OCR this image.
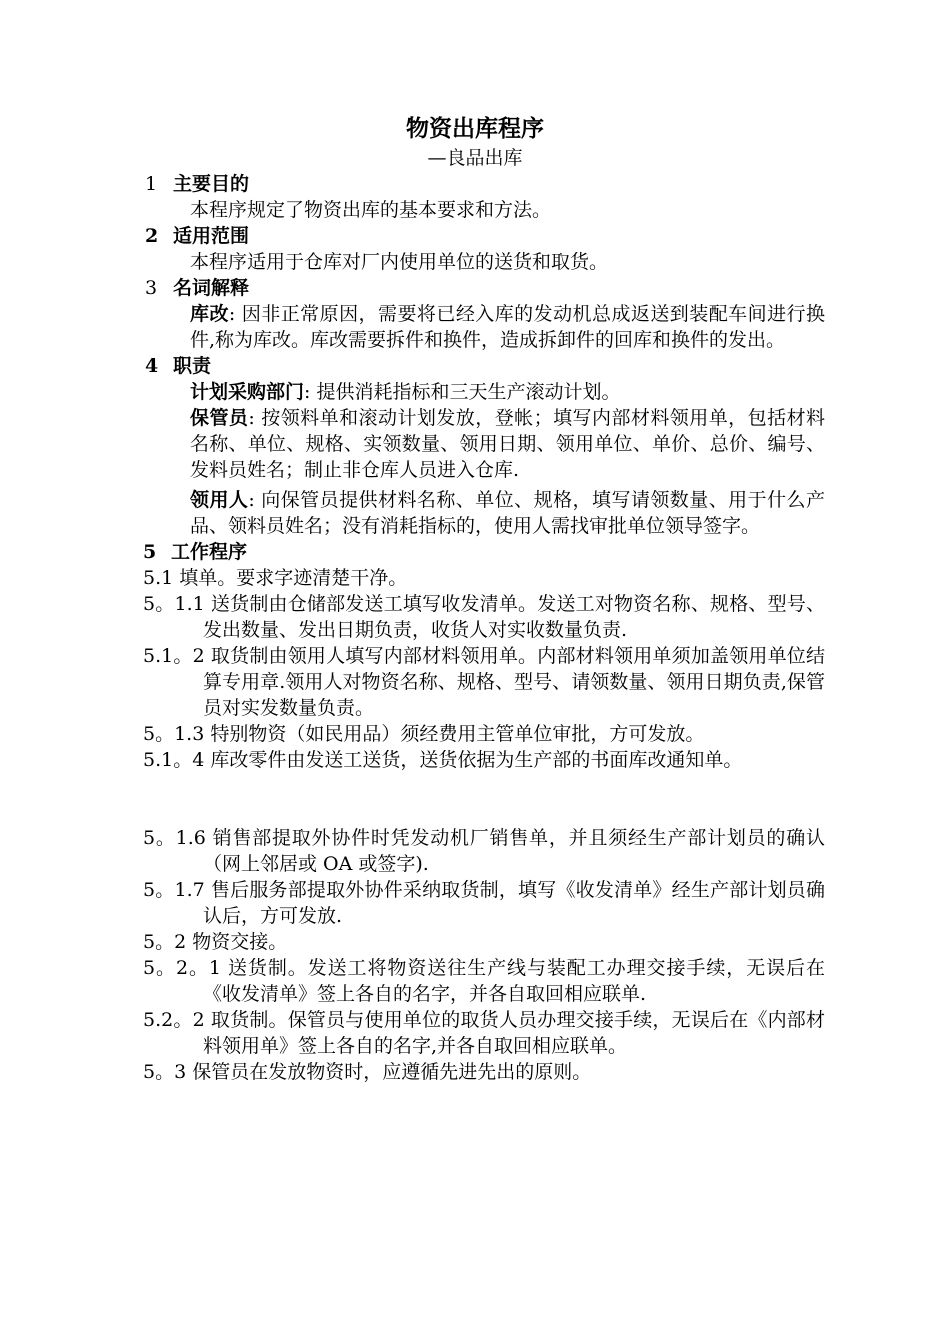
物资出库程序
—良品出库
1 主要目的

本程序规定了物资出库的基本要求和方法。

2 适用范围

本程序适用于仓库对厂内使用单位的送货和取货。

3 名词解释

库改: 因非正常原因，需要将已经入库的发动机总成返送到装配车间进行换件,称为库改。库改需要拆件和换件，造成拆卸件的回库和换件的发出。

4 职责

计划采购部门: 提供消耗指标和三天生产滚动计划。

保管员: 按领料单和滚动计划发放，登帐；填写内部材料领用单，包括材料名称、单位、规格、实领数量、领用日期、领用单位、单价、总价、编号、发料员姓名；制止非仓库人员进入仓库.

领用人: 向保管员提供材料名称、单位、规格，填写请领数量、用于什么产品、领料员姓名；没有消耗指标的，使用人需找审批单位领导签字。

5 工作程序

5.1 填单。要求字迹清楚干净。

5。1.1 送货制由仓储部发送工填写收发清单。发送工对物资名称、规格、型号、发出数量、发出日期负责，收货人对实收数量负责.

5.1。2 取货制由领用人填写内部材料领用单。内部材料领用单须加盖领用单位结算专用章.领用人对物资名称、规格、型号、请领数量、领用日期负责,保管员对实发数量负责。

5。1.3 特别物资（如民用品）须经费用主管单位审批，方可发放。

5.1。4 库改零件由发送工送货，送货依据为生产部的书面库改通知单。

5。1.6 销售部提取外协件时凭发动机厂销售单，并且须经生产部计划员的确认（网上邻居或 OA 或签字).

5。1.7 售后服务部提取外协件采纳取货制，填写《收发清单》经生产部计划员确认后，方可发放.

5。2 物资交接。

5。2。1 送货制。发送工将物资送往生产线与装配工办理交接手续，无误后在《收发清单》签上各自的名字，并各自取回相应联单.

5.2。2 取货制。保管员与使用单位的取货人员办理交接手续，无误后在《内部材料领用单》签上各自的名字,并各自取回相应联单。

5。3 保管员在发放物资时，应遵循先进先出的原则。
